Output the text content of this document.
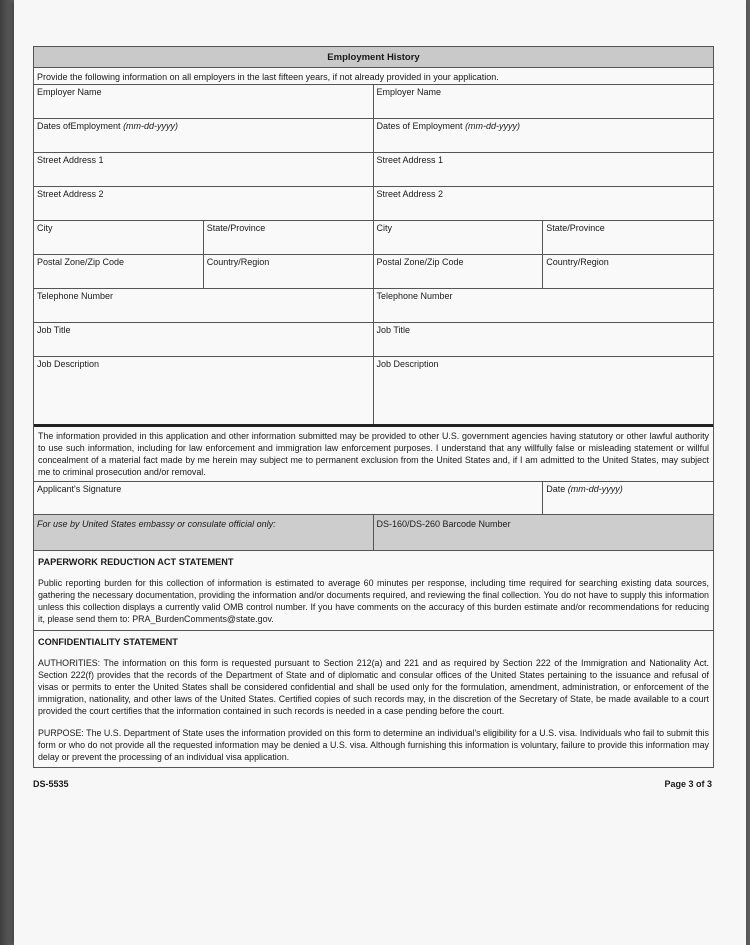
Employment History
Provide the following information on all employers in the last fifteen years, if not already provided in your application.
Employer Name	Employer Name
Dates ofEmployment (mm-dd-yyyy)	Dates of Employment (mm-dd-yyyy)
Street Address 1	Street Address 1
Street Address 2	Street Address 2
City	State/Province	City	State/Province
Postal Zone/Zip Code	Country/Region	Postal Zone/Zip Code	Country/Region
Telephone Number	Telephone Number
Job Title	Job Title
Job Description	Job Description
The information provided in this application and other information submitted may be provided to other U.S. government agencies having statutory or other lawful authority to use such information, including for law enforcement and immigration law enforcement purposes. I understand that any willfully false or misleading statement or willful concealment of a material fact made by me herein may subject me to permanent exclusion from the United States and, if I am admitted to the United States, may subject me to criminal prosecution and/or removal.
Applicant's Signature	Date (mm-dd-yyyy)
For use by United States embassy or consulate official only:	DS-160/DS-260 Barcode Number
PAPERWORK REDUCTION ACT STATEMENT
Public reporting burden for this collection of information is estimated to average 60 minutes per response, including time required for searching existing data sources, gathering the necessary documentation, providing the information and/or documents required, and reviewing the final collection. You do not have to supply this information unless this collection displays a currently valid OMB control number. If you have comments on the accuracy of this burden estimate and/or recommendations for reducing it, please send them to: PRA_BurdenComments@state.gov.
CONFIDENTIALITY STATEMENT
AUTHORITIES: The information on this form is requested pursuant to Section 212(a) and 221 and as required by Section 222 of the Immigration and Nationality Act. Section 222(f) provides that the records of the Department of State and of diplomatic and consular offices of the United States pertaining to the issuance and refusal of visas or permits to enter the United States shall be considered confidential and shall be used only for the formulation, amendment, administration, or enforcement of the immigration, nationality, and other laws of the United States. Certified copies of such records may, in the discretion of the Secretary of State, be made available to a court provided the court certifies that the information contained in such records is needed in a case pending before the court.
PURPOSE: The U.S. Department of State uses the information provided on this form to determine an individual's eligibility for a U.S. visa. Individuals who fail to submit this form or who do not provide all the requested information may be denied a U.S. visa. Although furnishing this information is voluntary, failure to provide this information may delay or prevent the processing of an individual visa application.
DS-5535	Page 3 of 3
